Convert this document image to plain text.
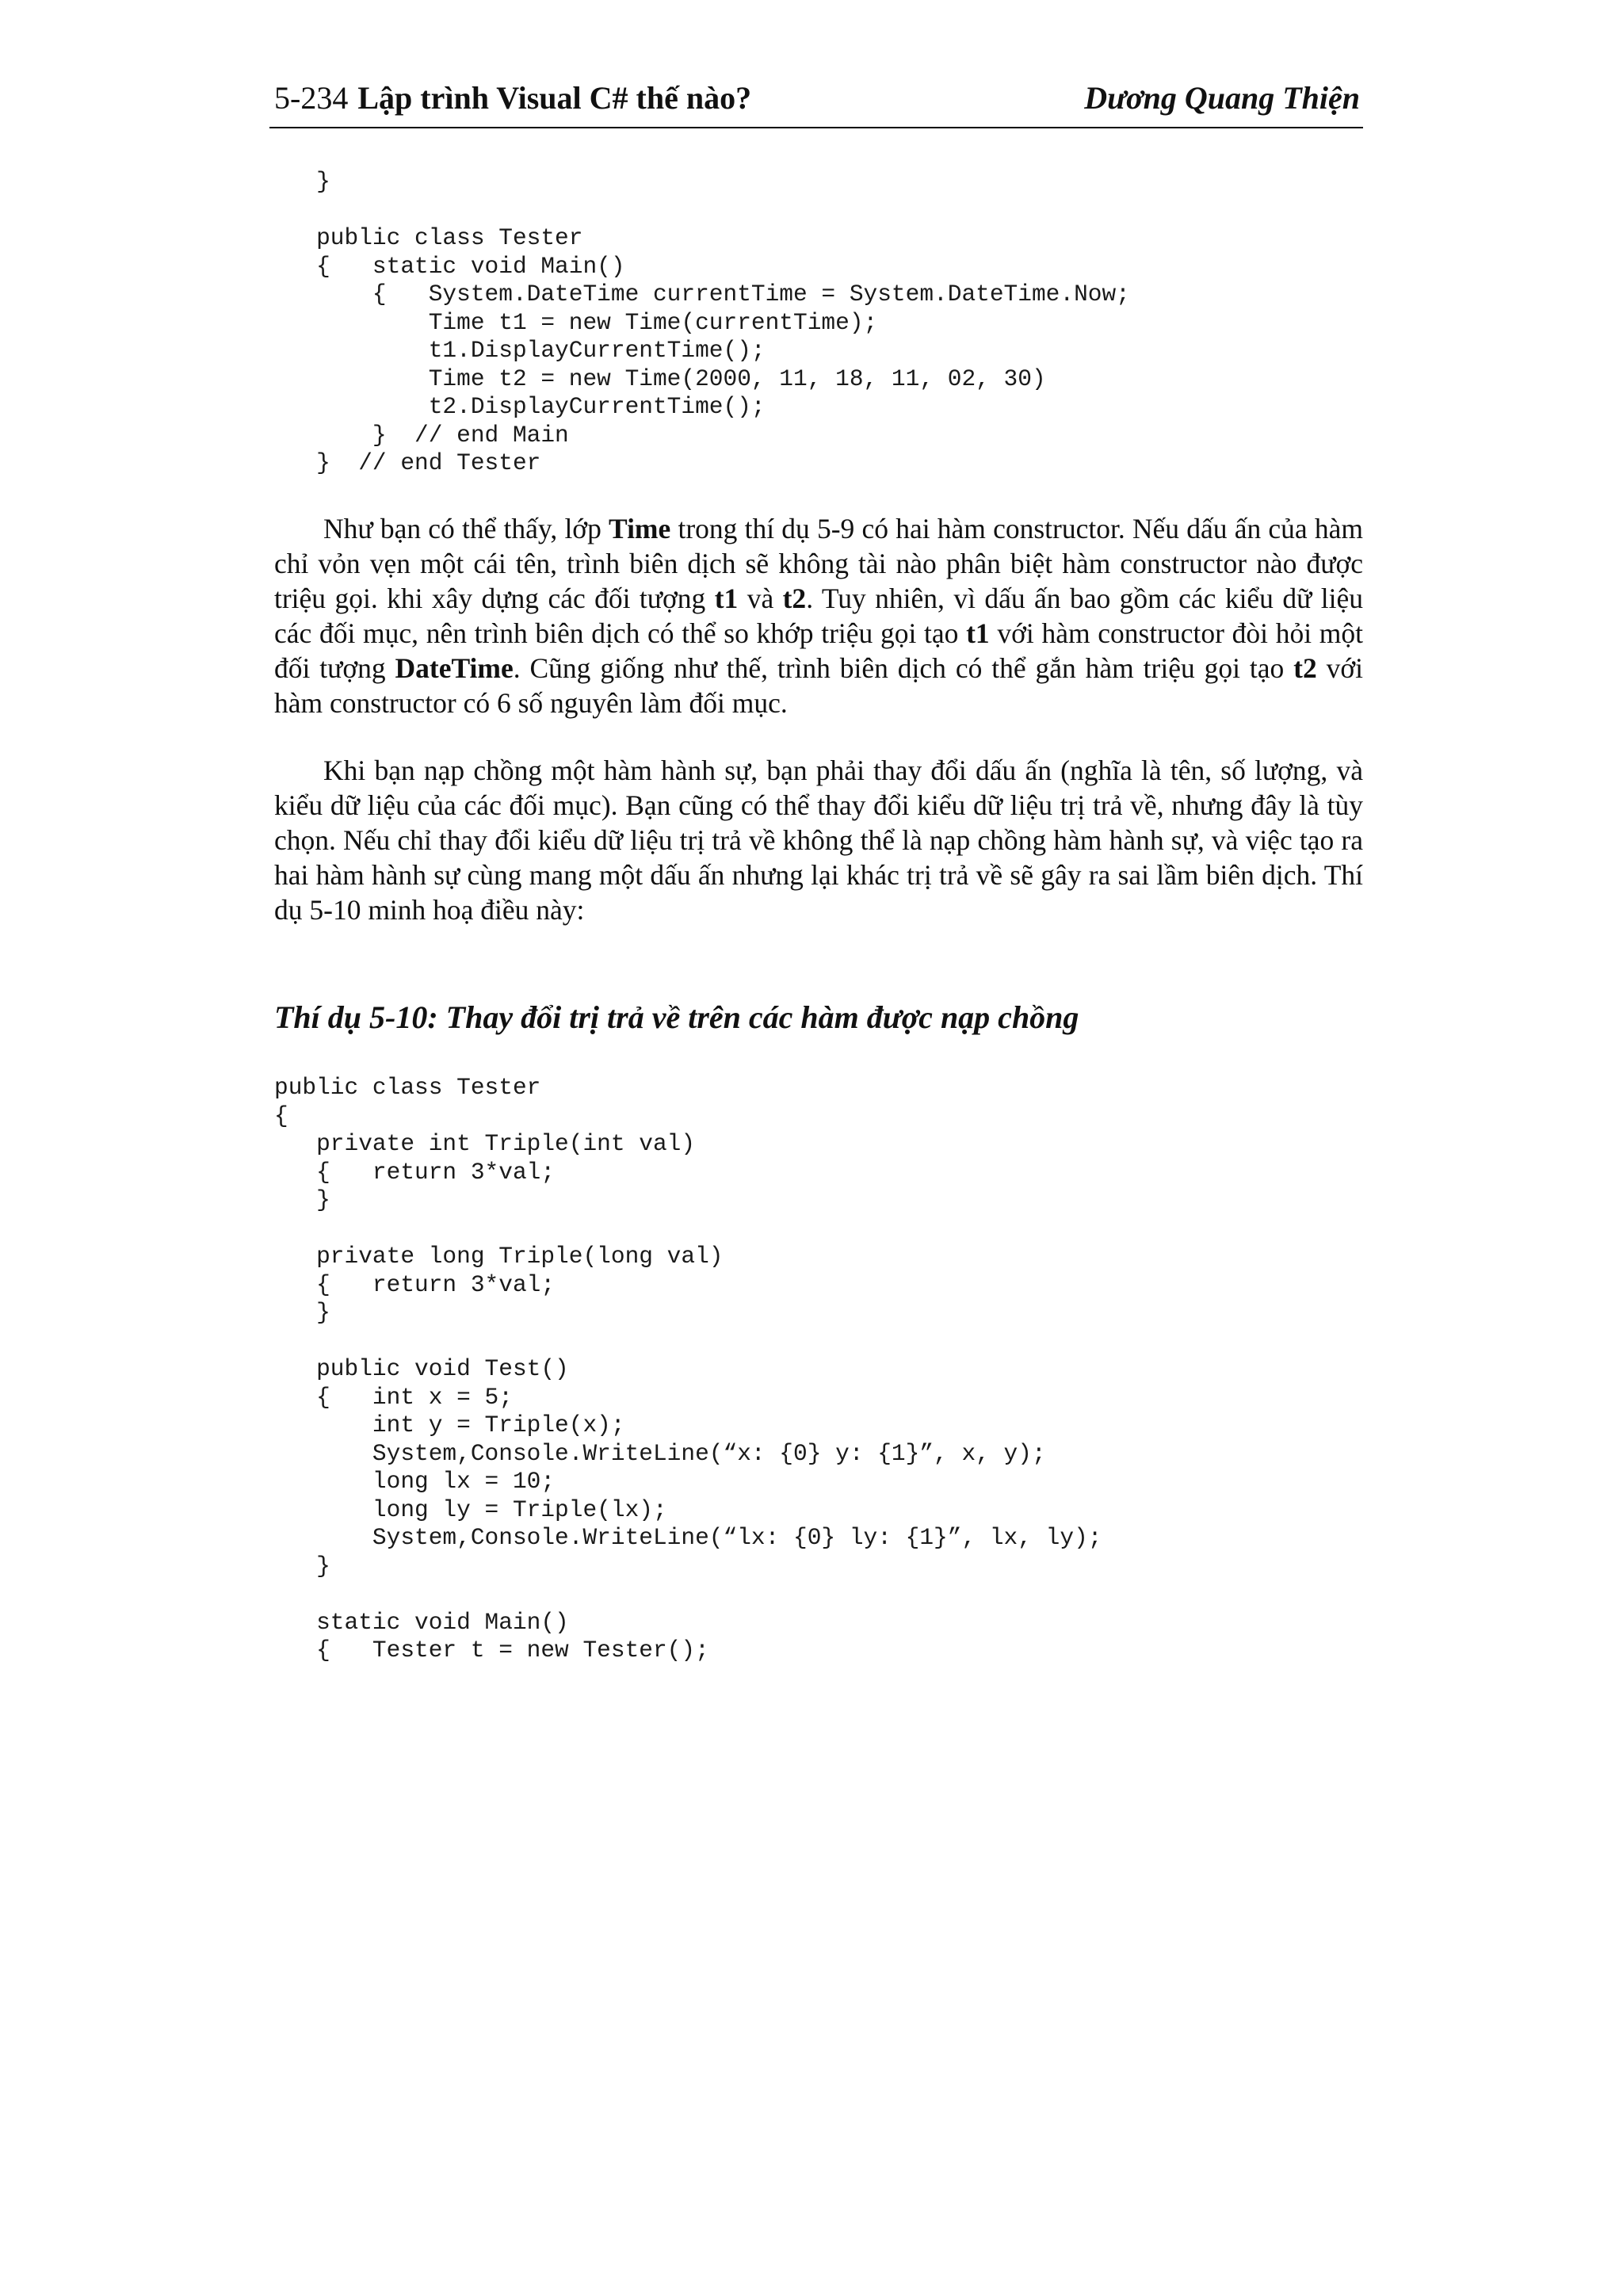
5-234 Lập trình Visual C# thế nào?	Dương Quang Thiện
}
public class Tester
{   static void Main()
{   System.DateTime currentTime = System.DateTime.Now;
Time t1 = new Time(currentTime);
t1.DisplayCurrentTime();
Time t2 = new Time(2000, 11, 18, 11, 02, 30)
t2.DisplayCurrentTime();
}  // end Main
}  // end Tester
Như bạn có thể thấy, lớp Time trong thí dụ 5-9 có hai hàm constructor. Nếu dấu ấn của hàm chỉ vỏn vẹn một cái tên, trình biên dịch sẽ không tài nào phân biệt hàm constructor nào được triệu gọi. khi xây dựng các đối tượng t1 và t2. Tuy nhiên, vì dấu ấn bao gồm các kiểu dữ liệu các đối mục, nên trình biên dịch có thể so khớp triệu gọi tạo t1 với hàm constructor đòi hỏi một đối tượng DateTime. Cũng giống như thế, trình biên dịch có thể gắn hàm triệu gọi tạo t2 với hàm constructor có 6 số nguyên làm đối mục.
Khi bạn nạp chồng một hàm hành sự, bạn phải thay đổi dấu ấn (nghĩa là tên, số lượng, và kiểu dữ liệu của các đối mục). Bạn cũng có thể thay đổi kiểu dữ liệu trị trả về, nhưng đây là tùy chọn. Nếu chỉ thay đổi kiểu dữ liệu trị trả về không thể là nạp chồng hàm hành sự, và việc tạo ra hai hàm hành sự cùng mang một dấu ấn nhưng lại khác trị trả về sẽ gây ra sai lầm biên dịch. Thí dụ 5-10 minh hoạ điều này:
Thí dụ 5-10: Thay đổi trị trả về trên các hàm được nạp chồng
public class Tester
{
private int Triple(int val)
{   return 3*val;
}
private long Triple(long val)
{   return 3*val;
}
public void Test()
{   int x = 5;
int y = Triple(x);
System,Console.WriteLine(“x: {0} y: {1}”, x, y);
long lx = 10;
long ly = Triple(lx);
System,Console.WriteLine(“lx: {0} ly: {1}”, lx, ly);
}
static void Main()
{   Tester t = new Tester();
